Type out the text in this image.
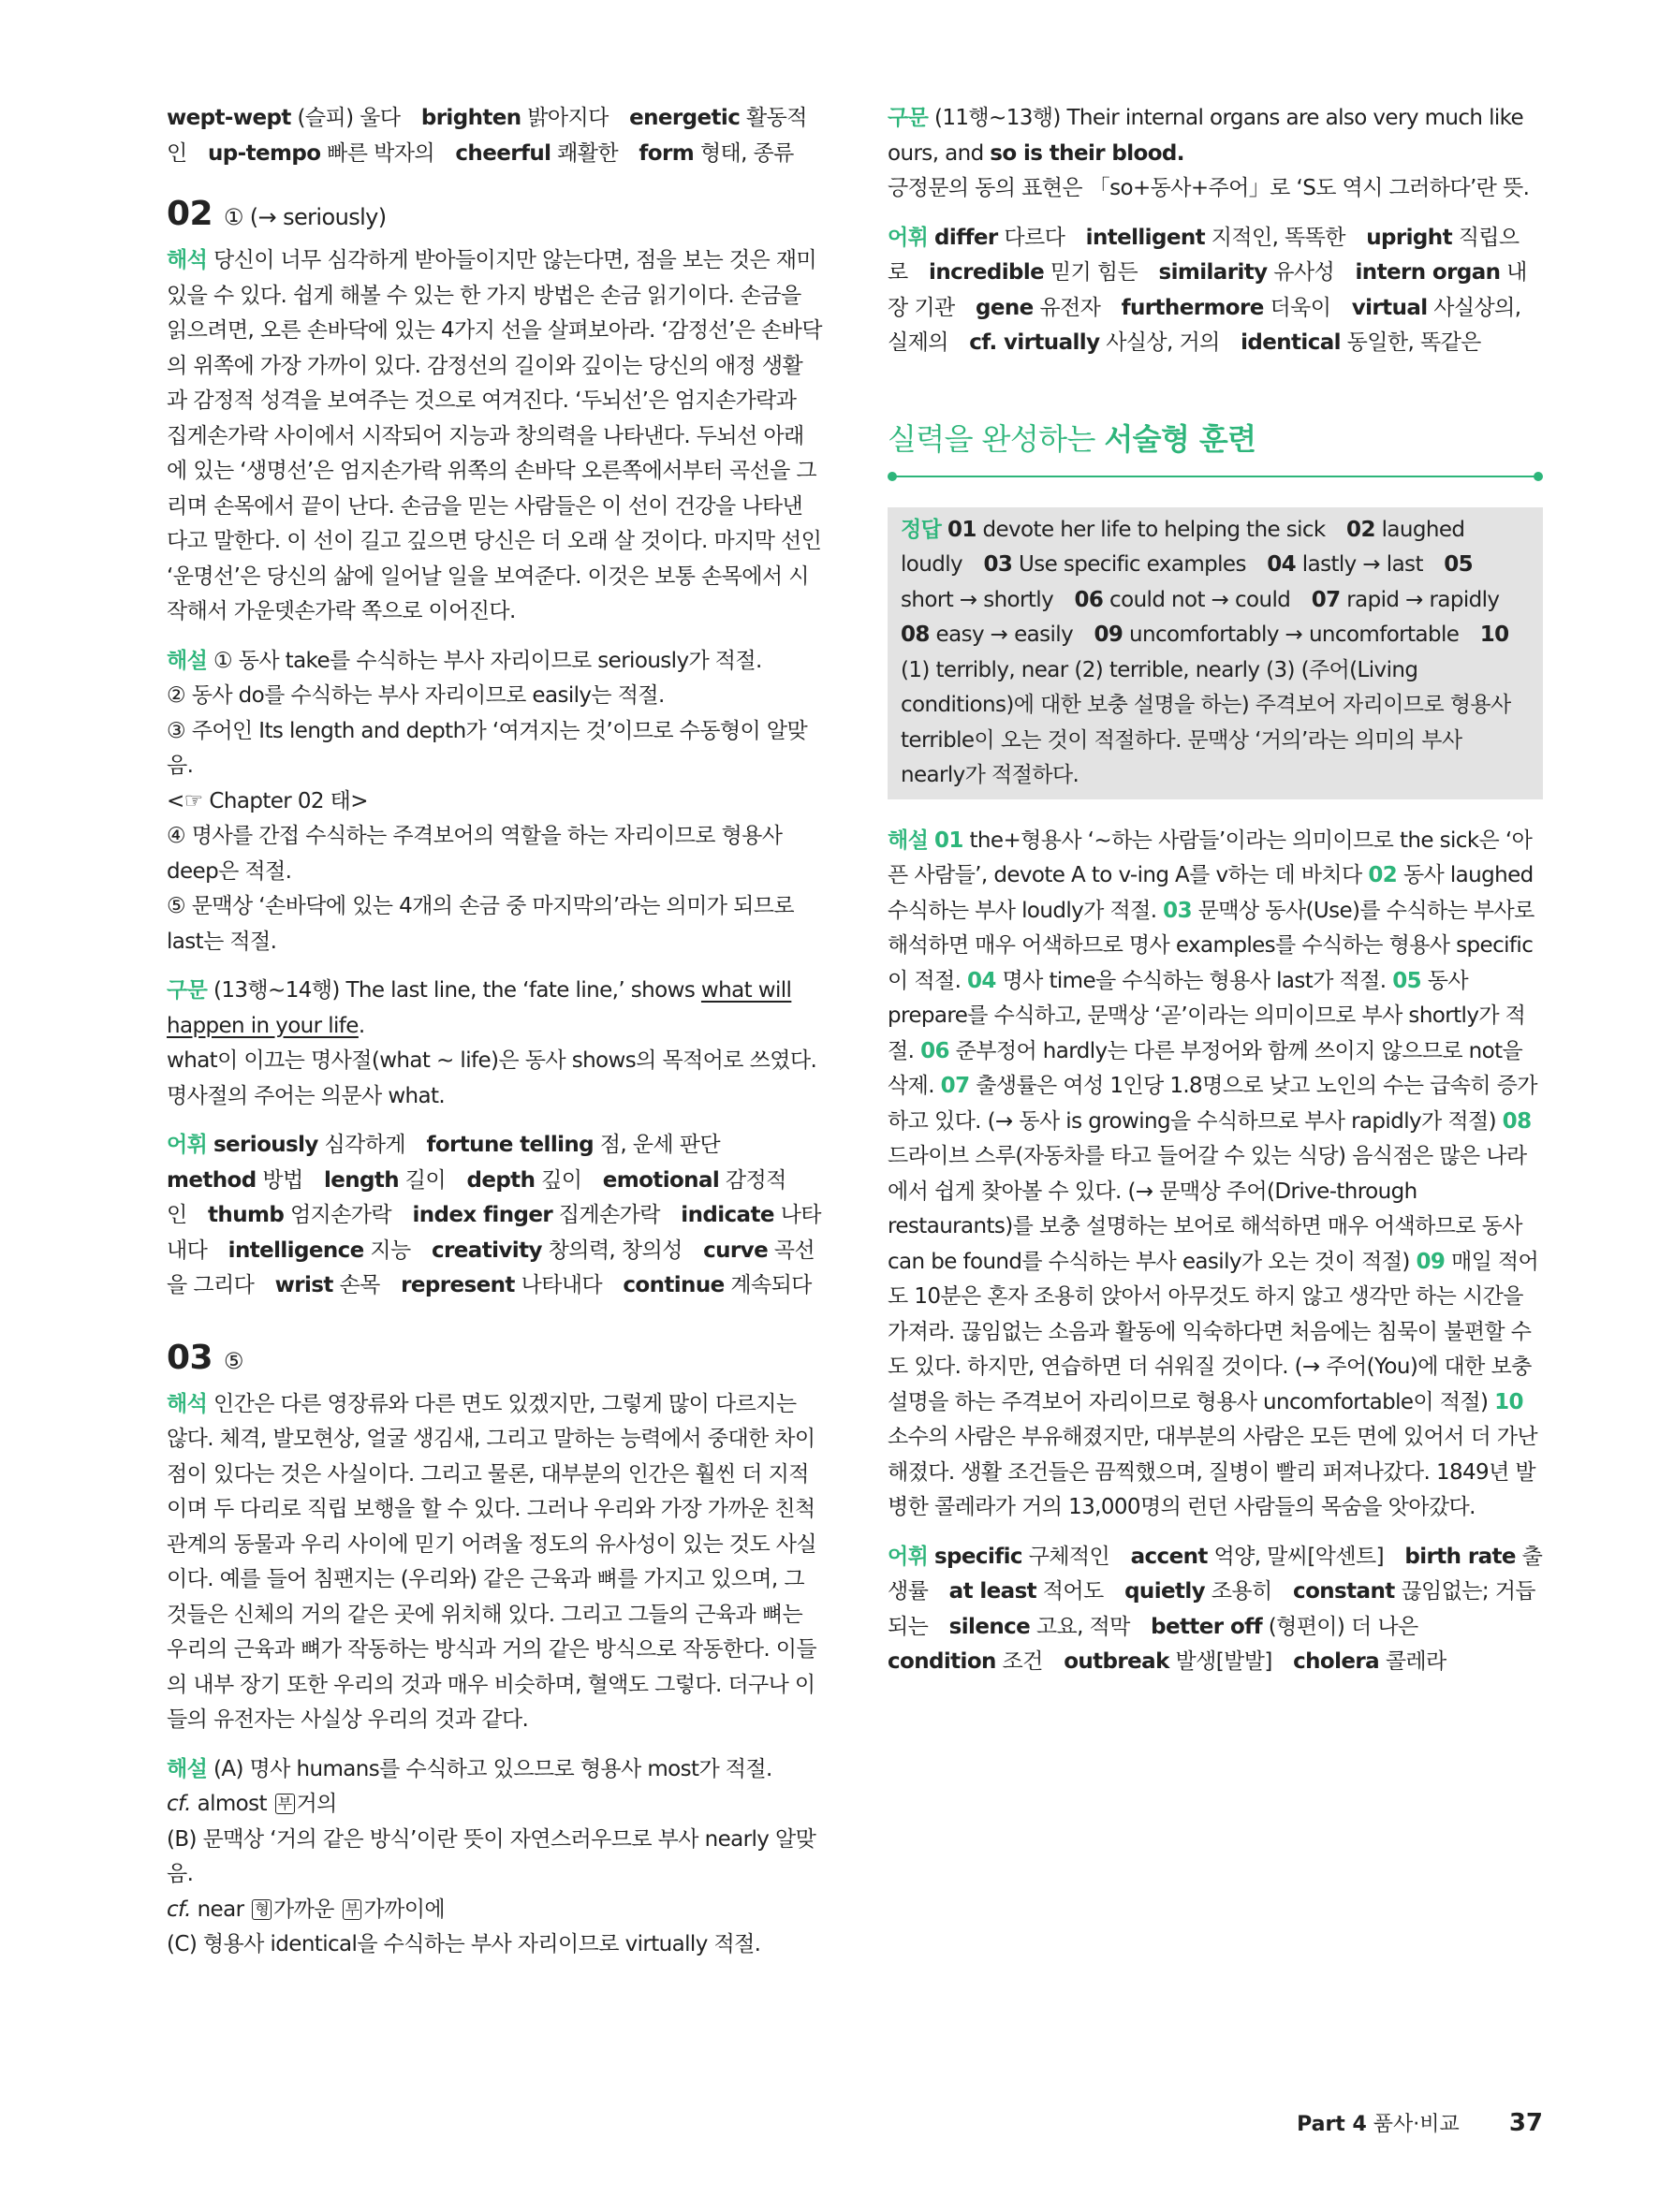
wept-wept (슬피) 울다  brighten 밝아지다  energetic 활동적인  up-tempo 빠른 박자의  cheerful 쾌활한  form 형태, 종류

02 ① (→ seriously)

해석 당신이 너무 심각하게 받아들이지만 않는다면, 점을 보는 것은 재미있을 수 있다. 쉽게 해볼 수 있는 한 가지 방법은 손금 읽기이다. 손금을 읽으려면, 오른 손바닥에 있는 4가지 선을 살펴보아라. ‘감정선’은 손바닥의 위쪽에 가장 가까이 있다. 감정선의 길이와 깊이는 당신의 애정 생활과 감정적 성격을 보여주는 것으로 여겨진다. ‘두뇌선’은 엄지손가락과 집게손가락 사이에서 시작되어 지능과 창의력을 나타낸다. 두뇌선 아래에 있는 ‘생명선’은 엄지손가락 위쪽의 손바닥 오른쪽에서부터 곡선을 그리며 손목에서 끝이 난다. 손금을 믿는 사람들은 이 선이 건강을 나타낸다고 말한다. 이 선이 길고 깊으면 당신은 더 오래 살 것이다. 마지막 선인 ‘운명선’은 당신의 삶에 일어날 일을 보여준다. 이것은 보통 손목에서 시작해서 가운뎃손가락 쪽으로 이어진다.

해설 ① 동사 take를 수식하는 부사 자리이므로 seriously가 적절.

② 동사 do를 수식하는 부사 자리이므로 easily는 적절.

③ 주어인 Its length and depth가 ‘여겨지는 것’이므로 수동형이 알맞음.

<☞ Chapter 02 태>

④ 명사를 간접 수식하는 주격보어의 역할을 하는 자리이므로 형용사 deep은 적절.

⑤ 문맥상 ‘손바닥에 있는 4개의 손금 중 마지막의’라는 의미가 되므로 last는 적절.

구문 (13행~14행) The last line, the ‘fate line,’ shows what will happen in your life.

what이 이끄는 명사절(what ~ life)은 동사 shows의 목적어로 쓰였다. 명사절의 주어는 의문사 what.

어휘 seriously 심각하게  fortune telling 점, 운세 판단 method 방법  length 길이  depth 깊이  emotional 감정적인  thumb 엄지손가락  index finger 집게손가락  indicate 나타내다  intelligence 지능  creativity 창의력, 창의성  curve 곡선을 그리다  wrist 손목  represent 나타내다  continue 계속되다

03 ⑤

해석 인간은 다른 영장류와 다른 면도 있겠지만, 그렇게 많이 다르지는 않다. 체격, 발모현상, 얼굴 생김새, 그리고 말하는 능력에서 중대한 차이점이 있다는 것은 사실이다. 그리고 물론, 대부분의 인간은 훨씬 더 지적이며 두 다리로 직립 보행을 할 수 있다. 그러나 우리와 가장 가까운 친척 관계의 동물과 우리 사이에 믿기 어려울 정도의 유사성이 있는 것도 사실이다. 예를 들어 침팬지는 (우리와) 같은 근육과 뼈를 가지고 있으며, 그것들은 신체의 거의 같은 곳에 위치해 있다. 그리고 그들의 근육과 뼈는 우리의 근육과 뼈가 작동하는 방식과 거의 같은 방식으로 작동한다. 이들의 내부 장기 또한 우리의 것과 매우 비슷하며, 혈액도 그렇다. 더구나 이들의 유전자는 사실상 우리의 것과 같다.

해설 (A) 명사 humans를 수식하고 있으므로 형용사 most가 적절.

cf. almost 부 거의

(B) 문맥상 ‘거의 같은 방식’이란 뜻이 자연스러우므로 부사 nearly 알맞음.

cf. near 형 가까운 부 가까이에

(C) 형용사 identical을 수식하는 부사 자리이므로 virtually 적절.

구문 (11행~13행) Their internal organs are also very much like ours, and so is their blood.

긍정문의 동의 표현은 「so+동사+주어」로 ‘S도 역시 그러하다’란 뜻.

어휘 differ 다르다  intelligent 지적인, 똑똑한  upright 직립으로  incredible 믿기 힘든  similarity 유사성  intern organ 내장 기관  gene 유전자  furthermore 더욱이  virtual 사실상의, 실제의  cf. virtually 사실상, 거의  identical 동일한, 똑같은

실력을 완성하는 서술형 훈련

정답 01 devote her life to helping the sick  02 laughed loudly  03 Use specific examples  04 lastly → last  05 short → shortly  06 could not → could  07 rapid → rapidly 08 easy → easily  09 uncomfortably → uncomfortable  10 (1) terribly, near (2) terrible, nearly (3) (주어(Living conditions)에 대한 보충 설명을 하는) 주격보어 자리이므로 형용사 terrible이 오는 것이 적절하다. 문맥상 ‘거의’라는 의미의 부사 nearly가 적절하다.

해설 01 the+형용사 ‘~하는 사람들’이라는 의미이므로 the sick은 ‘아픈 사람들’, devote A to v-ing A를 v하는 데 바치다 02 동사 laughed 수식하는 부사 loudly가 적절. 03 문맥상 동사(Use)를 수식하는 부사로 해석하면 매우 어색하므로 명사 examples를 수식하는 형용사 specific이 적절. 04 명사 time을 수식하는 형용사 last가 적절. 05 동사 prepare를 수식하고, 문맥상 ‘곧’이라는 의미이므로 부사 shortly가 적절. 06 준부정어 hardly는 다른 부정어와 함께 쓰이지 않으므로 not을 삭제. 07 출생률은 여성 1인당 1.8명으로 낮고 노인의 수는 급속히 증가하고 있다. (→ 동사 is growing을 수식하므로 부사 rapidly가 적절) 08 드라이브 스루(자동차를 타고 들어갈 수 있는 식당) 음식점은 많은 나라에서 쉽게 찾아볼 수 있다. (→ 문맥상 주어(Drive-through restaurants)를 보충 설명하는 보어로 해석하면 매우 어색하므로 동사 can be found를 수식하는 부사 easily가 오는 것이 적절) 09 매일 적어도 10분은 혼자 조용히 앉아서 아무것도 하지 않고 생각만 하는 시간을 가져라. 끊임없는 소음과 활동에 익숙하다면 처음에는 침묵이 불편할 수도 있다. 하지만, 연습하면 더 쉬워질 것이다. (→ 주어(You)에 대한 보충 설명을 하는 주격보어 자리이므로 형용사 uncomfortable이 적절) 10 소수의 사람은 부유해졌지만, 대부분의 사람은 모든 면에 있어서 더 가난해졌다. 생활 조건들은 끔찍했으며, 질병이 빨리 퍼져나갔다. 1849년 발병한 콜레라가 거의 13,000명의 런던 사람들의 목숨을 앗아갔다.

어휘 specific 구체적인  accent 억양, 말씨[악센트]  birth rate 출생률  at least 적어도  quietly 조용히  constant 끊임없는; 거듭되는  silence 고요, 적막  better off (형편이) 더 나은 condition 조건  outbreak 발생[발발]  cholera 콜레라

Part 4 품사·비교 37
